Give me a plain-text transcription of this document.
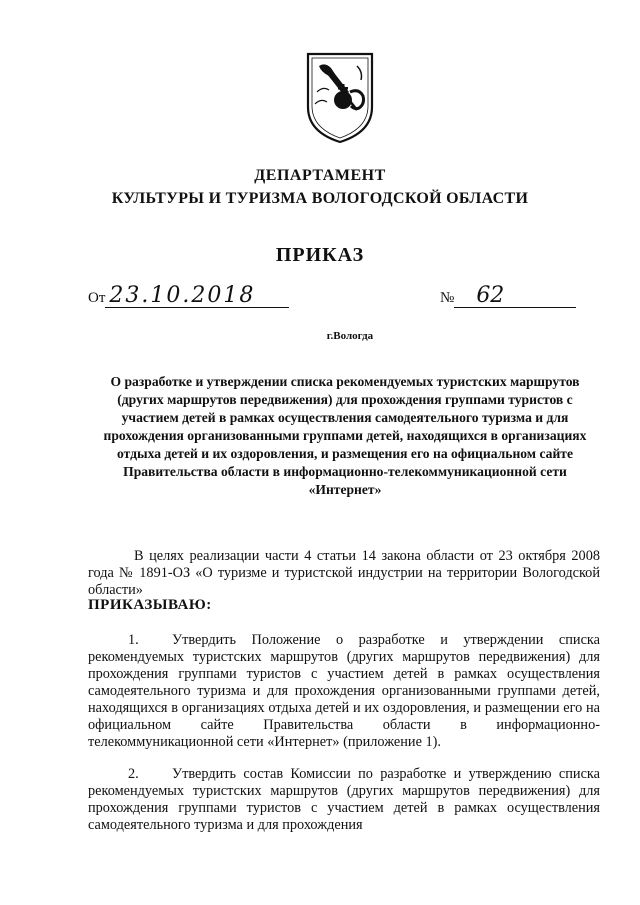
ДЕПАРТАМЕНТ
КУЛЬТУРЫ И ТУРИЗМА ВОЛОГОДСКОЙ ОБЛАСТИ
ПРИКАЗ
От 23.10.2018	№ 62
г.Вологда
О разработке и утверждении списка рекомендуемых туристских маршрутов (других маршрутов передвижения) для прохождения группами туристов с участием детей в рамках осуществления самодеятельного туризма и для прохождения организованными группами детей, находящихся в организациях отдыха детей и их оздоровления, и размещения его на официальном сайте Правительства области в информационно-телекоммуникационной сети «Интернет»
В целях реализации части 4 статьи 14 закона области от 23 октября 2008 года № 1891-ОЗ «О туризме и туристской индустрии на территории Вологодской области»
ПРИКАЗЫВАЮ:
1. Утвердить Положение о разработке и утверждении списка рекомендуемых туристских маршрутов (других маршрутов передвижения) для прохождения группами туристов с участием детей в рамках осуществления самодеятельного туризма и для прохождения организованными группами детей, находящихся в организациях отдыха детей и их оздоровления, и размещении его на официальном сайте Правительства области в информационно-телекоммуникационной сети «Интернет» (приложение 1).
2. Утвердить состав Комиссии по разработке и утверждению списка рекомендуемых туристских маршрутов (других маршрутов передвижения) для прохождения группами туристов с участием детей в рамках осуществления самодеятельного туризма и для прохождения
